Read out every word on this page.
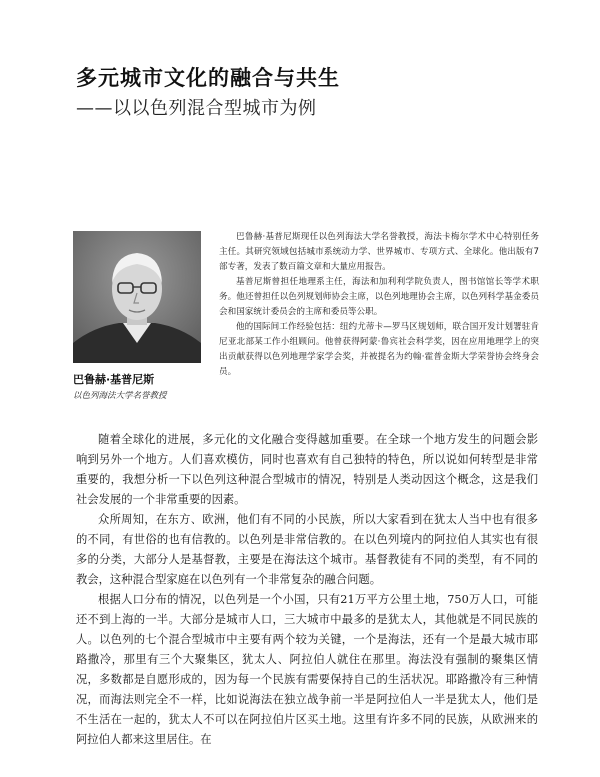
多元城市文化的融合与共生
——以以色列混合型城市为例
巴鲁赫·基普尼斯
以色列海法大学名誉教授

巴鲁赫·基普尼斯现任以色列海法大学名誉教授，海法卡梅尔学术中心特别任务主任。其研究领域包括城市系统动力学、世界城市、专项方式、全球化。他出版有7部专著，发表了数百篇文章和大量应用报告。

基普尼斯曾担任地理系主任，海法和加利利学院负责人，图书馆馆长等学术职务。他还曾担任以色列规划师协会主席，以色列地理协会主席，以色列科学基金委员会和国家统计委员会的主席和委员等公职。

他的国际间工作经验包括：纽约尤蒂卡—罗马区规划师，联合国开发计划署驻肯尼亚北部某工作小组顾问。他曾获得阿蒙·鲁宾社会科学奖，因在应用地理学上的突出贡献获得以色列地理学家学会奖，并被提名为约翰·霍普金斯大学荣誉协会终身会员。

随着全球化的进展，多元化的文化融合变得越加重要。在全球一个地方发生的问题会影响到另外一个地方。人们喜欢模仿，同时也喜欢有自己独特的特色，所以说如何转型是非常重要的，我想分析一下以色列这种混合型城市的情况，特别是人类动因这个概念，这是我们社会发展的一个非常重要的因素。

众所周知，在东方、欧洲，他们有不同的小民族，所以大家看到在犹太人当中也有很多的不同，有世俗的也有信教的。以色列是非常信教的。在以色列境内的阿拉伯人其实也有很多的分类，大部分人是基督教，主要是在海法这个城市。基督教徒有不同的类型，有不同的教会，这种混合型家庭在以色列有一个非常复杂的融合问题。

根据人口分布的情况，以色列是一个小国，只有21万平方公里土地，750万人口，可能还不到上海的一半。大部分是城市人口，三大城市中最多的是犹太人，其他就是不同民族的人。以色列的七个混合型城市中主要有两个较为关键，一个是海法，还有一个是最大城市耶路撒冷，那里有三个大聚集区，犹太人、阿拉伯人就住在那里。海法没有强制的聚集区情况，多数都是自愿形成的，因为每一个民族有需要保持自己的生活状况。耶路撒冷有三种情况，而海法则完全不一样，比如说海法在独立战争前一半是阿拉伯人一半是犹太人，他们是不生活在一起的，犹太人不可以在阿拉伯片区买土地。这里有许多不同的民族，从欧洲来的阿拉伯人都来这里居住。在
